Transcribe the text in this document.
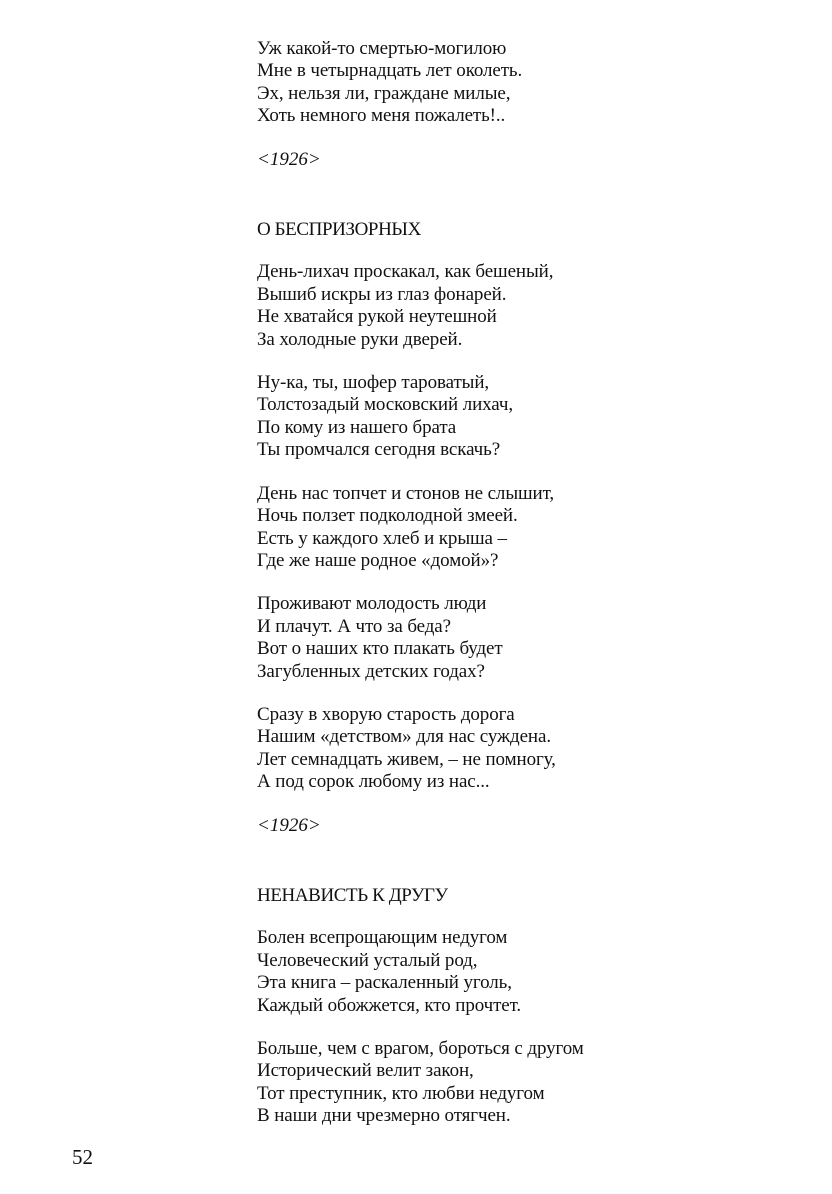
Уж какой-то смертью-могилою
Мне в четырнадцать лет околеть.
Эх, нельзя ли, граждане милые,
Хоть немного меня пожалеть!..
<1926>
О БЕСПРИЗОРНЫХ
День-лихач проскакал, как бешеный,
Вышиб искры из глаз фонарей.
Не хватайся рукой неутешной
За холодные руки дверей.
Ну-ка, ты, шофер тароватый,
Толстозадый московский лихач,
По кому из нашего брата
Ты промчался сегодня вскачь?
День нас топчет и стонов не слышит,
Ночь ползет подколодной змеей.
Есть у каждого хлеб и крыша –
Где же наше родное «домой»?
Проживают молодость люди
И плачут. А что за беда?
Вот о наших кто плакать будет
Загубленных детских годах?
Сразу в хворую старость дорога
Нашим «детством» для нас суждена.
Лет семнадцать живем, – не помногу,
А под сорок любому из нас...
<1926>
НЕНАВИСТЬ К ДРУГУ
Болен всепрощающим недугом
Человеческий усталый род,
Эта книга – раскаленный уголь,
Каждый обожжется, кто прочтет.
Больше, чем с врагом, бороться с другом
Исторический велит закон,
Тот преступник, кто любви недугом
В наши дни чрезмерно отягчен.
52
